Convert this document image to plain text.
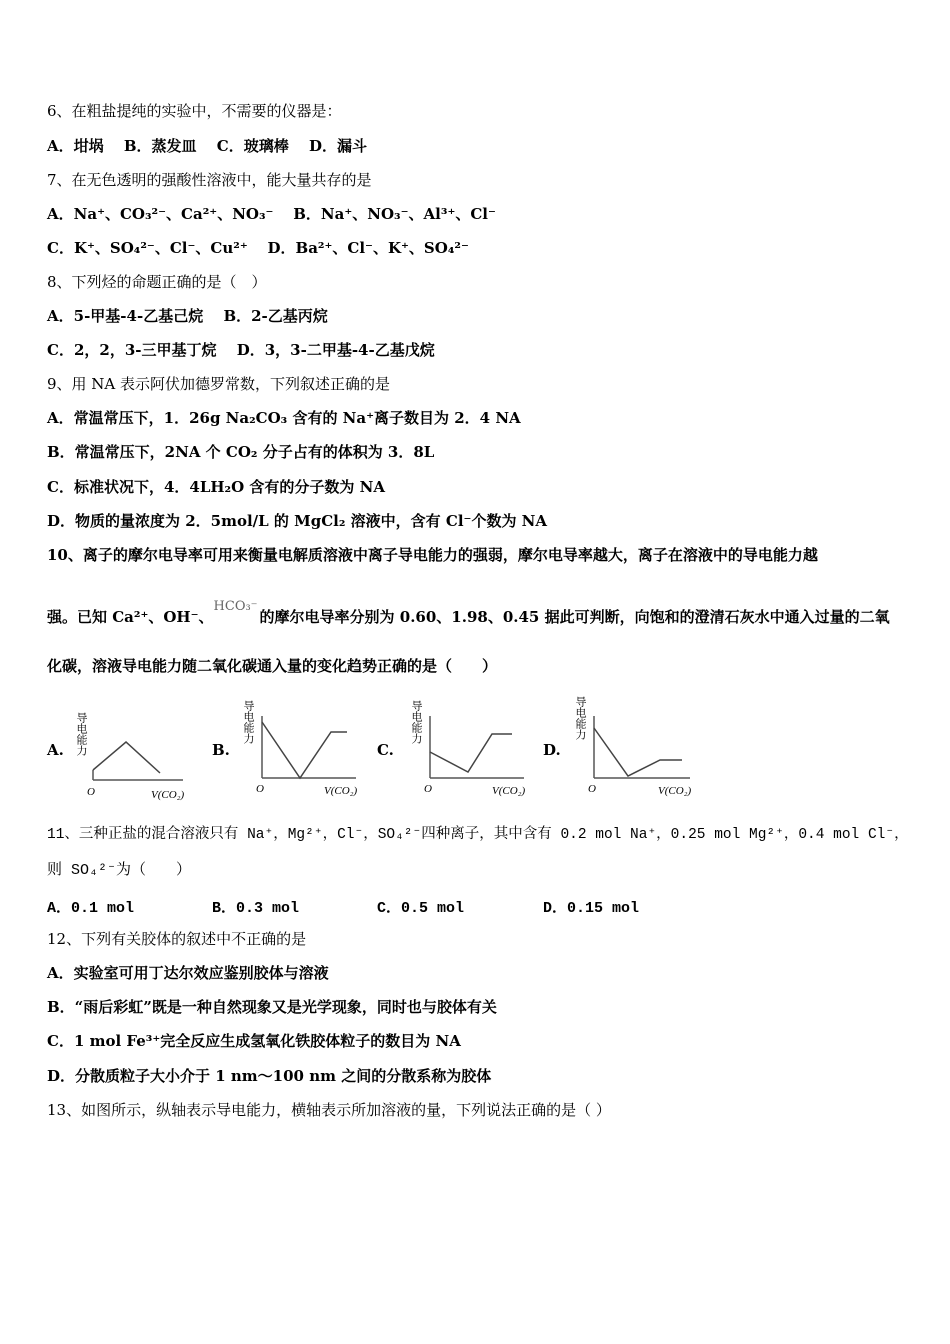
6、在粗盐提纯的实验中，不需要的仪器是：
A．坩埚　 B．蒸发皿　 C．玻璃棒　 D．漏斗
7、在无色透明的强酸性溶液中，能大量共存的是
A．Na⁺、CO₃²⁻、Ca²⁺、NO₃⁻　 B．Na⁺、NO₃⁻、Al³⁺、Cl⁻
C．K⁺、SO₄²⁻、Cl⁻、Cu²⁺　 D．Ba²⁺、Cl⁻、K⁺、SO₄²⁻
8、下列烃的命题正确的是（　）
A．5-甲基-4-乙基己烷　 B．2-乙基丙烷
C．2，2，3-三甲基丁烷　 D．3，3-二甲基-4-乙基戊烷
9、用 NA 表示阿伏加德罗常数，下列叙述正确的是
A．常温常压下，1．26g Na₂CO₃ 含有的 Na⁺离子数目为 2．4 NA
B．常温常压下，2NA 个 CO₂ 分子占有的体积为 3．8L
C．标准状况下，4．4LH₂O 含有的分子数为 NA
D．物质的量浓度为 2．5mol/L 的 MgCl₂ 溶液中，含有 Cl⁻个数为 NA
10、离子的摩尔电导率可用来衡量电解质溶液中离子导电能力的强弱，摩尔电导率越大，离子在溶液中的导电能力越
强。已知 Ca²⁺、OH⁻、HCO₃⁻的摩尔电导率分别为 0.60、1.98、0.45 据此可判断，向饱和的澄清石灰水中通入过量的二氧
化碳，溶液导电能力随二氧化碳通入量的变化趋势正确的是（　　）
A.	B.	C.	D.
导电能力
O	V(CO₂)
导电能力
O	V(CO₂)
导电能力
O	V(CO₂)
导电能力
O	V(CO₂)
11、三种正盐的混合溶液只有 Na⁺，Mg²⁺，Cl⁻，SO₄²⁻四种离子，其中含有 0.2 mol Na⁺，0.25 mol Mg²⁺，0.4 mol Cl⁻，
则 SO₄²⁻为（　　）
A．0.1 mol	B．0.3 mol	C．0.5 mol	D．0.15 mol
12、下列有关胶体的叙述中不正确的是
A．实验室可用丁达尔效应鉴别胶体与溶液
B．“雨后彩虹”既是一种自然现象又是光学现象，同时也与胶体有关
C．1 mol Fe³⁺完全反应生成氢氧化铁胶体粒子的数目为 NA
D．分散质粒子大小介于 1 nm～100 nm 之间的分散系称为胶体
13、如图所示，纵轴表示导电能力，横轴表示所加溶液的量，下列说法正确的是（ ）
